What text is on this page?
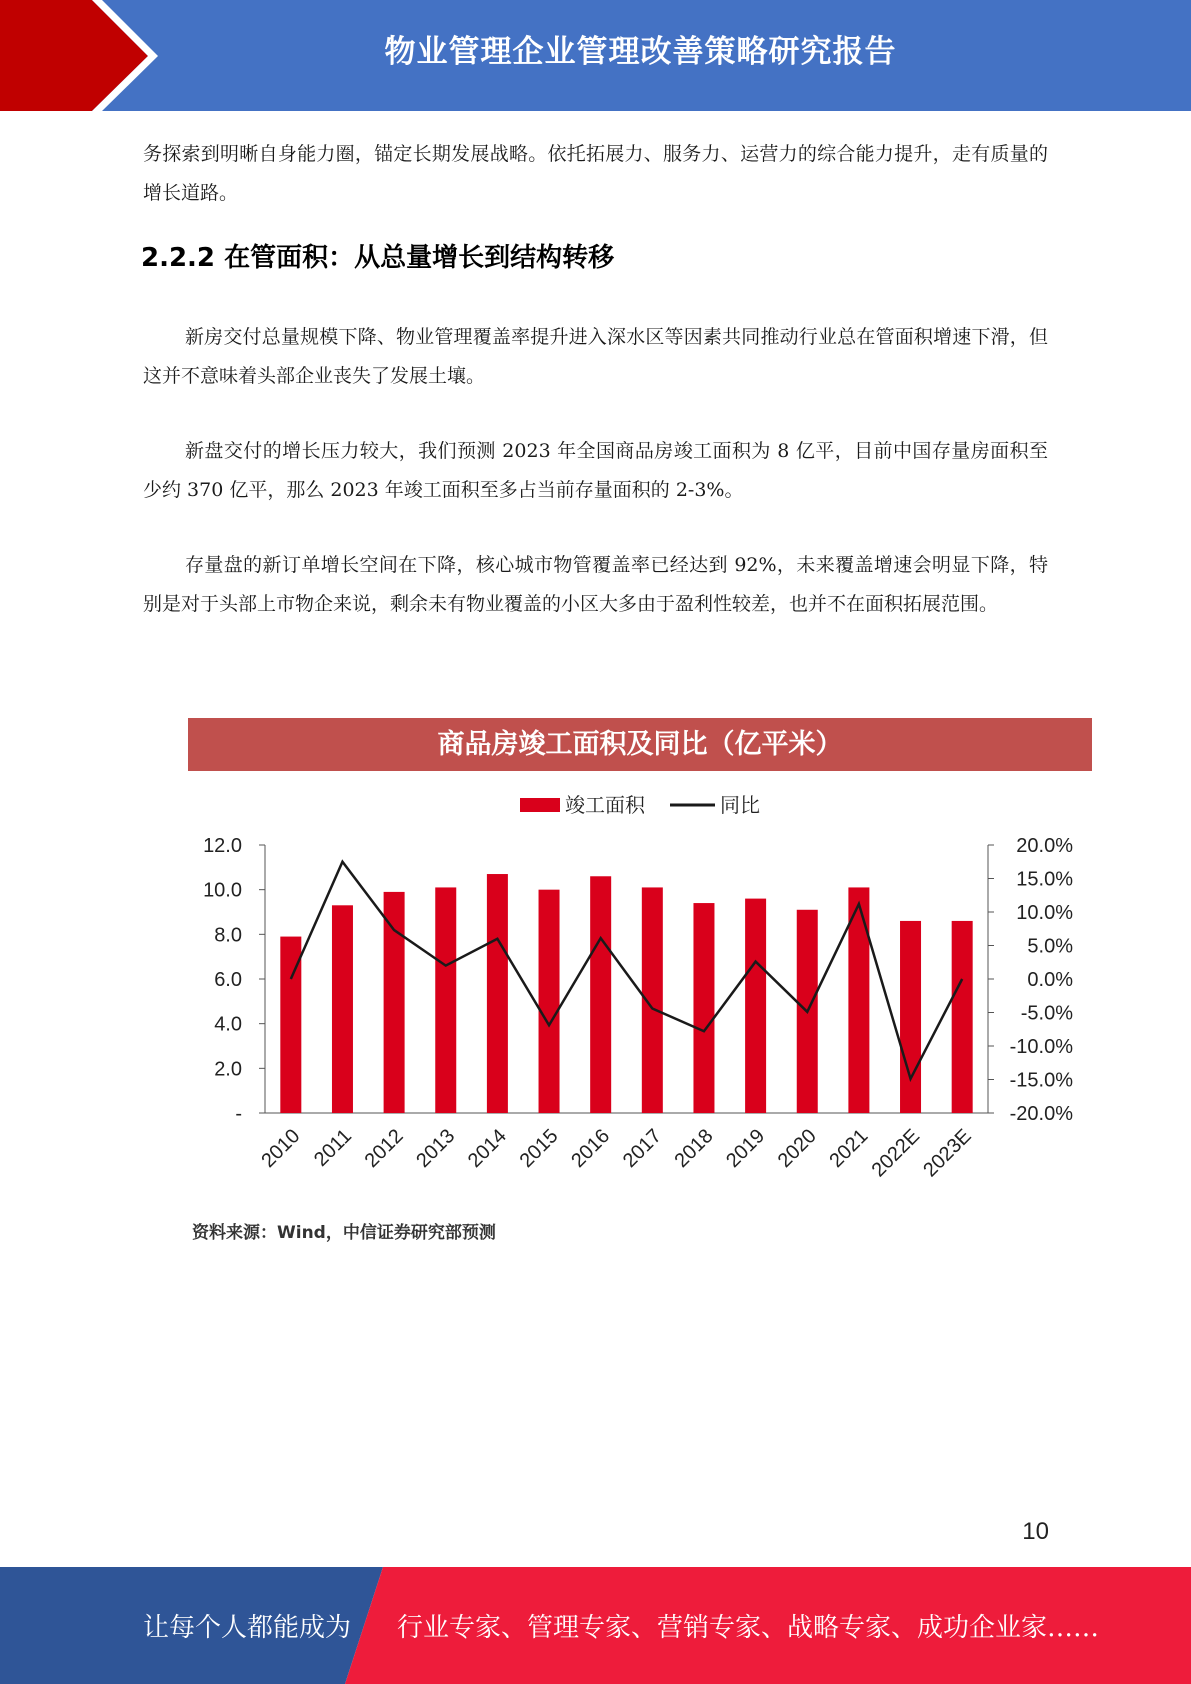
物业管理企业管理改善策略研究报告

务探索到明晰自身能力圈，锚定长期发展战略。依托拓展力、服务力、运营力的综合能力提升，走有质量的增长道路。

2.2.2 在管面积：从总量增长到结构转移

新房交付总量规模下降、物业管理覆盖率提升进入深水区等因素共同推动行业总在管面积增速下滑，但这并不意味着头部企业丧失了发展土壤。

新盘交付的增长压力较大，我们预测 2023 年全国商品房竣工面积为 8 亿平，目前中国存量房面积至少约 370 亿平，那么 2023 年竣工面积至多占当前存量面积的 2-3%。

存量盘的新订单增长空间在下降，核心城市物管覆盖率已经达到 92%，未来覆盖增速会明显下降，特别是对于头部上市物企来说，剩余未有物业覆盖的小区大多由于盈利性较差，也并不在面积拓展范围。

商品房竣工面积及同比（亿平米）
竣工面积	同比
-
2.0
4.0
6.0
8.0
10.0
12.0
-20.0%
-15.0%
-10.0%
-5.0%
0.0%
5.0%
10.0%
15.0%
20.0%
2010 2011 2012 2013 2014 2015 2016 2017 2018 2019 2020 2021
2022E
2023E
资料来源：Wind，中信证券研究部预测
10
让每个人都能成为 行业专家、管理专家、营销专家、战略专家、成功企业家……
